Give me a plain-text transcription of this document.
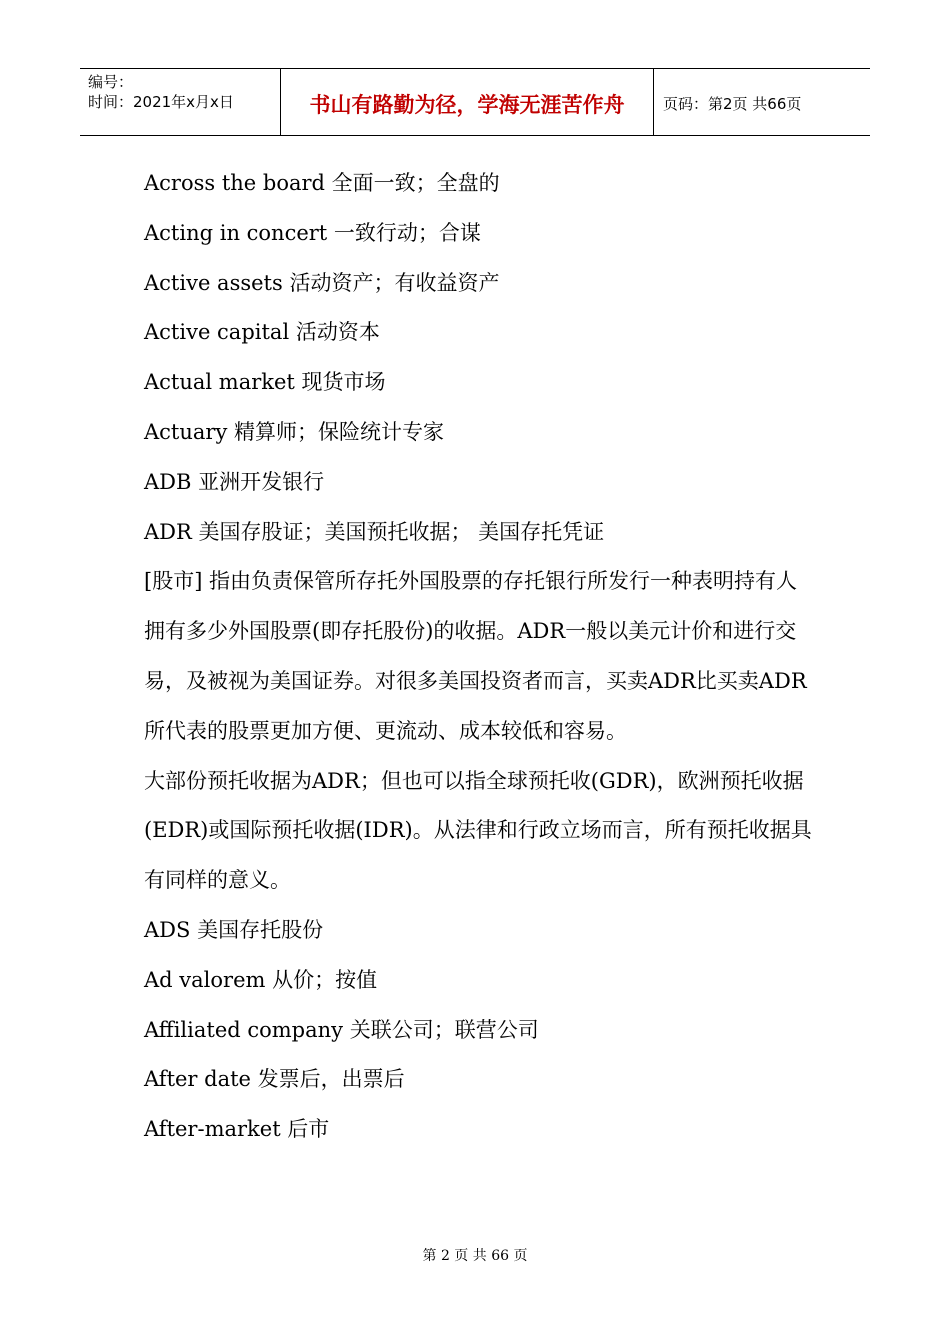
编号：
时间：2021年x月x日	书山有路勤为径，学海无涯苦作舟	页码：第2页 共66页

Across the board 全面一致；全盘的

Acting in concert 一致行动；合谋

Active assets 活动资产；有收益资产

Active capital 活动资本

Actual market 现货市场

Actuary 精算师；保险统计专家

ADB 亚洲开发银行

ADR 美国存股证；美国预托收据； 美国存托凭证

[股市] 指由负责保管所存托外国股票的存托银行所发行一种表明持有人拥有多少外国股票(即存托股份)的收据。ADR一般以美元计价和进行交易，及被视为美国证券。对很多美国投资者而言，买卖ADR比买卖ADR所代表的股票更加方便、更流动、成本较低和容易。

大部份预托收据为ADR；但也可以指全球预托收(GDR)，欧洲预托收据(EDR)或国际预托收据(IDR)。从法律和行政立场而言，所有预托收据具有同样的意义。

ADS 美国存托股份

Ad valorem 从价；按值

Affiliated company 关联公司；联营公司

After date 发票后，出票后

After-market 后市

第 2 页 共 66 页
